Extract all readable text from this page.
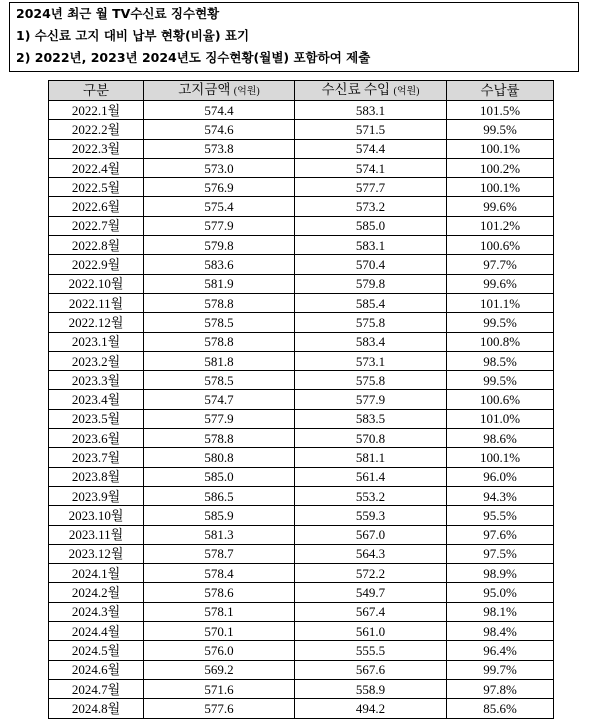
2024년 최근 월 TV수신료 징수현황
1) 수신료 고지 대비 납부 현황(비율) 표기
2) 2022년, 2023년 2024년도 징수현황(월별) 포함하여 제출
구분	고지금액 (억원)	수신료 수입 (억원)	수납률
2022.1월	574.4	583.1	101.5%
2022.2월	574.6	571.5	99.5%
2022.3월	573.8	574.4	100.1%
2022.4월	573.0	574.1	100.2%
2022.5월	576.9	577.7	100.1%
2022.6월	575.4	573.2	99.6%
2022.7월	577.9	585.0	101.2%
2022.8월	579.8	583.1	100.6%
2022.9월	583.6	570.4	97.7%
2022.10월	581.9	579.8	99.6%
2022.11월	578.8	585.4	101.1%
2022.12월	578.5	575.8	99.5%
2023.1월	578.8	583.4	100.8%
2023.2월	581.8	573.1	98.5%
2023.3월	578.5	575.8	99.5%
2023.4월	574.7	577.9	100.6%
2023.5월	577.9	583.5	101.0%
2023.6월	578.8	570.8	98.6%
2023.7월	580.8	581.1	100.1%
2023.8월	585.0	561.4	96.0%
2023.9월	586.5	553.2	94.3%
2023.10월	585.9	559.3	95.5%
2023.11월	581.3	567.0	97.6%
2023.12월	578.7	564.3	97.5%
2024.1월	578.4	572.2	98.9%
2024.2월	578.6	549.7	95.0%
2024.3월	578.1	567.4	98.1%
2024.4월	570.1	561.0	98.4%
2024.5월	576.0	555.5	96.4%
2024.6월	569.2	567.6	99.7%
2024.7월	571.6	558.9	97.8%
2024.8월	577.6	494.2	85.6%
